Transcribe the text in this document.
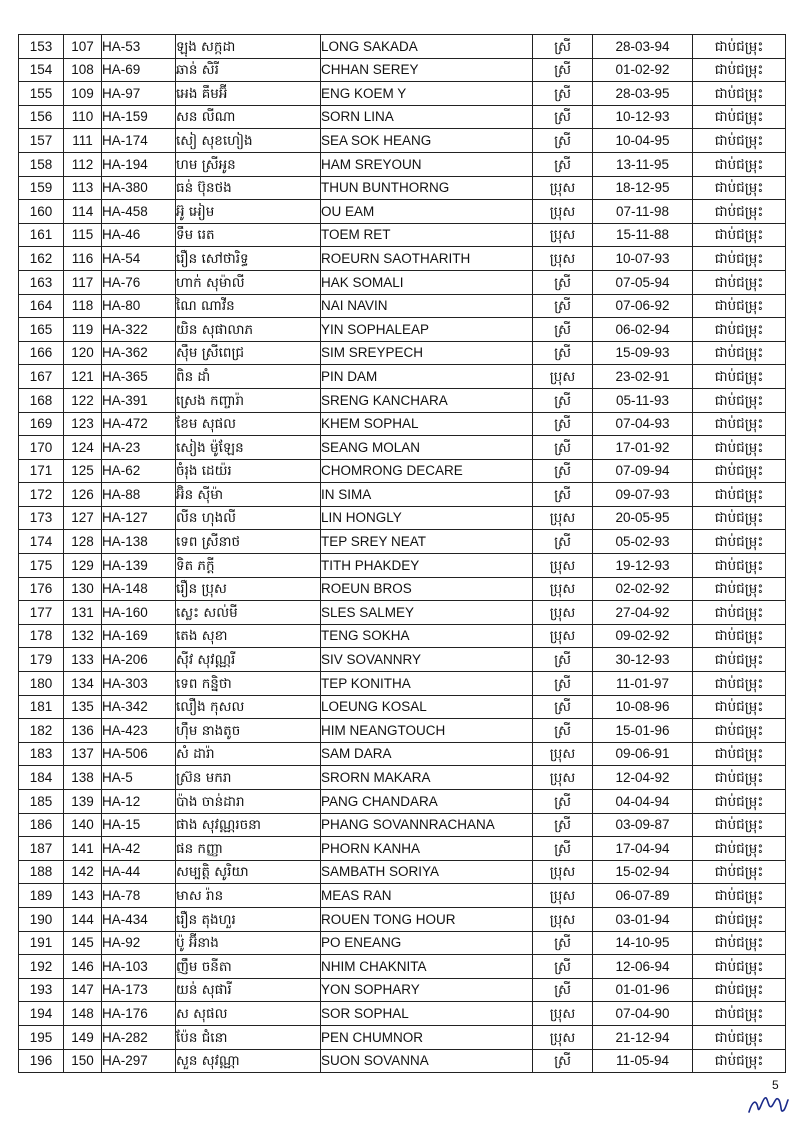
153	107	HA-53	ឡុង សក្កដា	LONG SAKADA	ស្រី	28-03-94	ជាប់ជម្រុះ
154	108	HA-69	ឆាន់ សិរី	CHHAN SEREY	ស្រី	01-02-92	ជាប់ជម្រុះ
155	109	HA-97	អេង គឹមអ៊ី	ENG KOEM Y	ស្រី	28-03-95	ជាប់ជម្រុះ
156	110	HA-159	សន លីណា	SORN LINA	ស្រី	10-12-93	ជាប់ជម្រុះ
157	111	HA-174	សៀ សុខហៀង	SEA SOK HEANG	ស្រី	10-04-95	ជាប់ជម្រុះ
158	112	HA-194	ហម ស្រីអូន	HAM SREYOUN	ស្រី	13-11-95	ជាប់ជម្រុះ
159	113	HA-380	ធន់ ប៊ុនថង	THUN BUNTHORNG	ប្រុស	18-12-95	ជាប់ជម្រុះ
160	114	HA-458	អ៊ូ អៀម	OU EAM	ប្រុស	07-11-98	ជាប់ជម្រុះ
161	115	HA-46	ទឹម រេត	TOEM RET	ប្រុស	15-11-88	ជាប់ជម្រុះ
162	116	HA-54	រឿន សៅថារិទ្ធ	ROEURN SAOTHARITH	ប្រុស	10-07-93	ជាប់ជម្រុះ
163	117	HA-76	ហាក់ សុម៉ាលី	HAK SOMALI	ស្រី	07-05-94	ជាប់ជម្រុះ
164	118	HA-80	ណៃ ណាវីន	NAI NAVIN	ស្រី	07-06-92	ជាប់ជម្រុះ
165	119	HA-322	យិន សុផាលាភ	YIN SOPHALEAP	ស្រី	06-02-94	ជាប់ជម្រុះ
166	120	HA-362	ស៊ឹម ស្រីពេជ្រ	SIM SREYPECH	ស្រី	15-09-93	ជាប់ជម្រុះ
167	121	HA-365	ពិន ដាំ	PIN DAM	ប្រុស	23-02-91	ជាប់ជម្រុះ
168	122	HA-391	ស្រេង កញ្ចារ៉ា	SRENG KANCHARA	ស្រី	05-11-93	ជាប់ជម្រុះ
169	123	HA-472	ខែម សុផល	KHEM SOPHAL	ស្រី	07-04-93	ជាប់ជម្រុះ
170	124	HA-23	សៀង ម៉ូឡែន	SEANG MOLAN	ស្រី	17-01-92	ជាប់ជម្រុះ
171	125	HA-62	ចំរុង ដេយ៉រ	CHOMRONG DECARE	ស្រី	07-09-94	ជាប់ជម្រុះ
172	126	HA-88	អ៊ិន ស៊ីម៉ា	IN SIMA	ស្រី	09-07-93	ជាប់ជម្រុះ
173	127	HA-127	លីន ហុងលី	LIN HONGLY	ប្រុស	20-05-95	ជាប់ជម្រុះ
174	128	HA-138	ទេព ស្រីនាថ	TEP SREY NEAT	ស្រី	05-02-93	ជាប់ជម្រុះ
175	129	HA-139	ទិត ភក្តី	TITH PHAKDEY	ប្រុស	19-12-93	ជាប់ជម្រុះ
176	130	HA-148	រឿន ប្រុស	ROEUN BROS	ប្រុស	02-02-92	ជាប់ជម្រុះ
177	131	HA-160	ស្លេះ សល់មី	SLES SALMEY	ប្រុស	27-04-92	ជាប់ជម្រុះ
178	132	HA-169	តេង សុខា	TENG SOKHA	ប្រុស	09-02-92	ជាប់ជម្រុះ
179	133	HA-206	ស៊ីវ សុវណ្ណរី	SIV SOVANNRY	ស្រី	30-12-93	ជាប់ជម្រុះ
180	134	HA-303	ទេព កន្និថា	TEP KONITHA	ស្រី	11-01-97	ជាប់ជម្រុះ
181	135	HA-342	លឿង កុសល	LOEUNG KOSAL	ស្រី	10-08-96	ជាប់ជម្រុះ
182	136	HA-423	ហ៊ឹម នាងតូច	HIM NEANGTOUCH	ស្រី	15-01-96	ជាប់ជម្រុះ
183	137	HA-506	សំ ដារ៉ា	SAM DARA	ប្រុស	09-06-91	ជាប់ជម្រុះ
184	138	HA-5	ស្រ៊ន មករា	SRORN MAKARA	ប្រុស	12-04-92	ជាប់ជម្រុះ
185	139	HA-12	ប៉ាង ចាន់ដារា	PANG CHANDARA	ស្រី	04-04-94	ជាប់ជម្រុះ
186	140	HA-15	ផាង សុវណ្ណរចនា	PHANG SOVANNRACHANA	ស្រី	03-09-87	ជាប់ជម្រុះ
187	141	HA-42	ផន កញ្ញា	PHORN KANHA	ស្រី	17-04-94	ជាប់ជម្រុះ
188	142	HA-44	សម្បត្តិ សូរិយា	SAMBATH SORIYA	ប្រុស	15-02-94	ជាប់ជម្រុះ
189	143	HA-78	មាស រ៉ាន	MEAS RAN	ប្រុស	06-07-89	ជាប់ជម្រុះ
190	144	HA-434	រឿន តុងហួរ	ROUEN TONG HOUR	ប្រុស	03-01-94	ជាប់ជម្រុះ
191	145	HA-92	ប៉ូ អ៊ីនាង	PO ENEANG	ស្រី	14-10-95	ជាប់ជម្រុះ
192	146	HA-103	ញឹម ចនីតា	NHIM CHAKNITA	ស្រី	12-06-94	ជាប់ជម្រុះ
193	147	HA-173	យន់ សុផារី	YON SOPHARY	ស្រី	01-01-96	ជាប់ជម្រុះ
194	148	HA-176	ស សុផល	SOR SOPHAL	ប្រុស	07-04-90	ជាប់ជម្រុះ
195	149	HA-282	ប៉ែន ជំនោ	PEN CHUMNOR	ប្រុស	21-12-94	ជាប់ជម្រុះ
196	150	HA-297	សួន សុវណ្ណា	SUON SOVANNA	ស្រី	11-05-94	ជាប់ជម្រុះ
5
